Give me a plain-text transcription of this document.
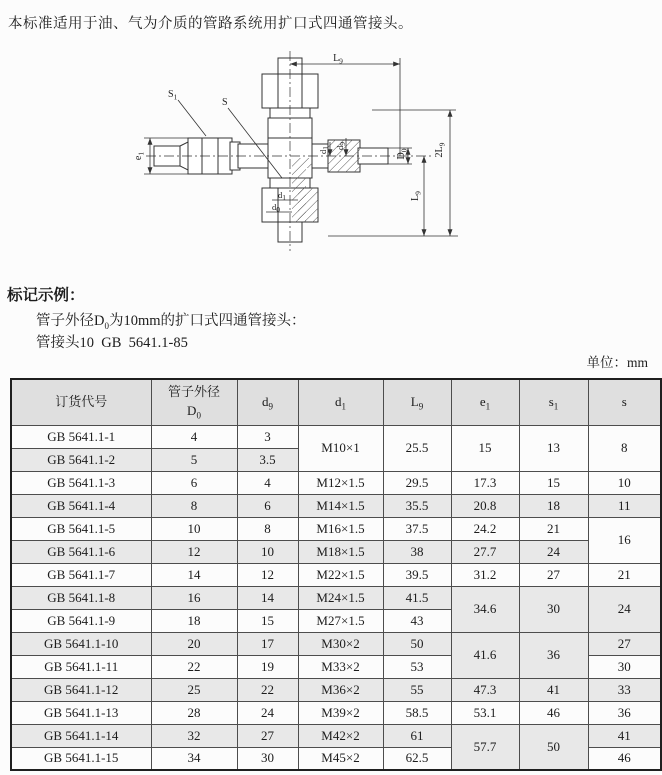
本标准适用于油、气为介质的管路系统用扩口式四通管接头。
$L_9$
$S_1$	S
$e_1$	d1 d9
$D_0$	$2L_9$
$L_9$
d1
d0
标记示例：
管子外径$D_0$为10mm的扩口式四通管接头：
管接头10  GB  5641.1-85
单位：mm
订货代号	管子外径
$D_0$	$d_9$	$d_1$	$L_9$	$e_1$	$s_1$	s
GB 5641.1-1	4	3	M10×1	25.5	15	13	8
GB 5641.1-2	5	3.5					
GB 5641.1-3	6	4	M12×1.5	29.5	17.3	15	10
GB 5641.1-4	8	6	M14×1.5	35.5	20.8	18	11
GB 5641.1-5	10	8	M16×1.5	37.5	24.2	21	16
GB 5641.1-6	12	10	M18×1.5	38	27.7	24	
GB 5641.1-7	14	12	M22×1.5	39.5	31.2	27	21
GB 5641.1-8	16	14	M24×1.5	41.5	34.6	30	24
GB 5641.1-9	18	15	M27×1.5	43			
GB 5641.1-10	20	17	M30×2	50	41.6	36	27
GB 5641.1-11	22	19	M33×2	53			30
GB 5641.1-12	25	22	M36×2	55	47.3	41	33
GB 5641.1-13	28	24	M39×2	58.5	53.1	46	36
GB 5641.1-14	32	27	M42×2	61	57.7	50	41
GB 5641.1-15	34	30	M45×2	62.5			46
